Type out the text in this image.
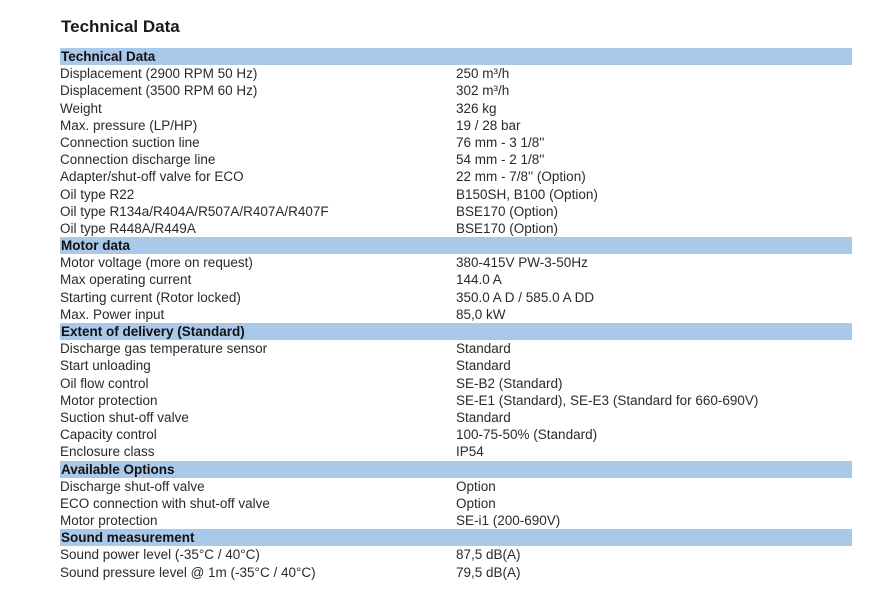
Technical Data
Technical Data
Displacement (2900 RPM 50 Hz)	250 m³/h
Displacement (3500 RPM 60 Hz)	302 m³/h
Weight	326 kg
Max. pressure (LP/HP)	19 / 28 bar
Connection suction line	76 mm - 3 1/8''
Connection discharge line	54 mm - 2 1/8''
Adapter/shut-off valve for ECO	22 mm - 7/8'' (Option)
Oil type R22	B150SH, B100 (Option)
Oil type R134a/R404A/R507A/R407A/R407F	BSE170 (Option)
Oil type R448A/R449A	BSE170 (Option)
Motor data
Motor voltage (more on request)	380-415V PW-3-50Hz
Max operating current	144.0 A
Starting current (Rotor locked)	350.0 A D / 585.0 A DD
Max. Power input	85,0 kW
Extent of delivery (Standard)
Discharge gas temperature sensor	Standard
Start unloading	Standard
Oil flow control	SE-B2 (Standard)
Motor protection	SE-E1 (Standard), SE-E3 (Standard for 660-690V)
Suction shut-off valve	Standard
Capacity control	100-75-50% (Standard)
Enclosure class	IP54
Available Options
Discharge shut-off valve	Option
ECO connection with shut-off valve	Option
Motor protection	SE-i1 (200-690V)
Sound measurement
Sound power level (-35°C / 40°C)	87,5 dB(A)
Sound pressure level @ 1m (-35°C / 40°C)	79,5 dB(A)
